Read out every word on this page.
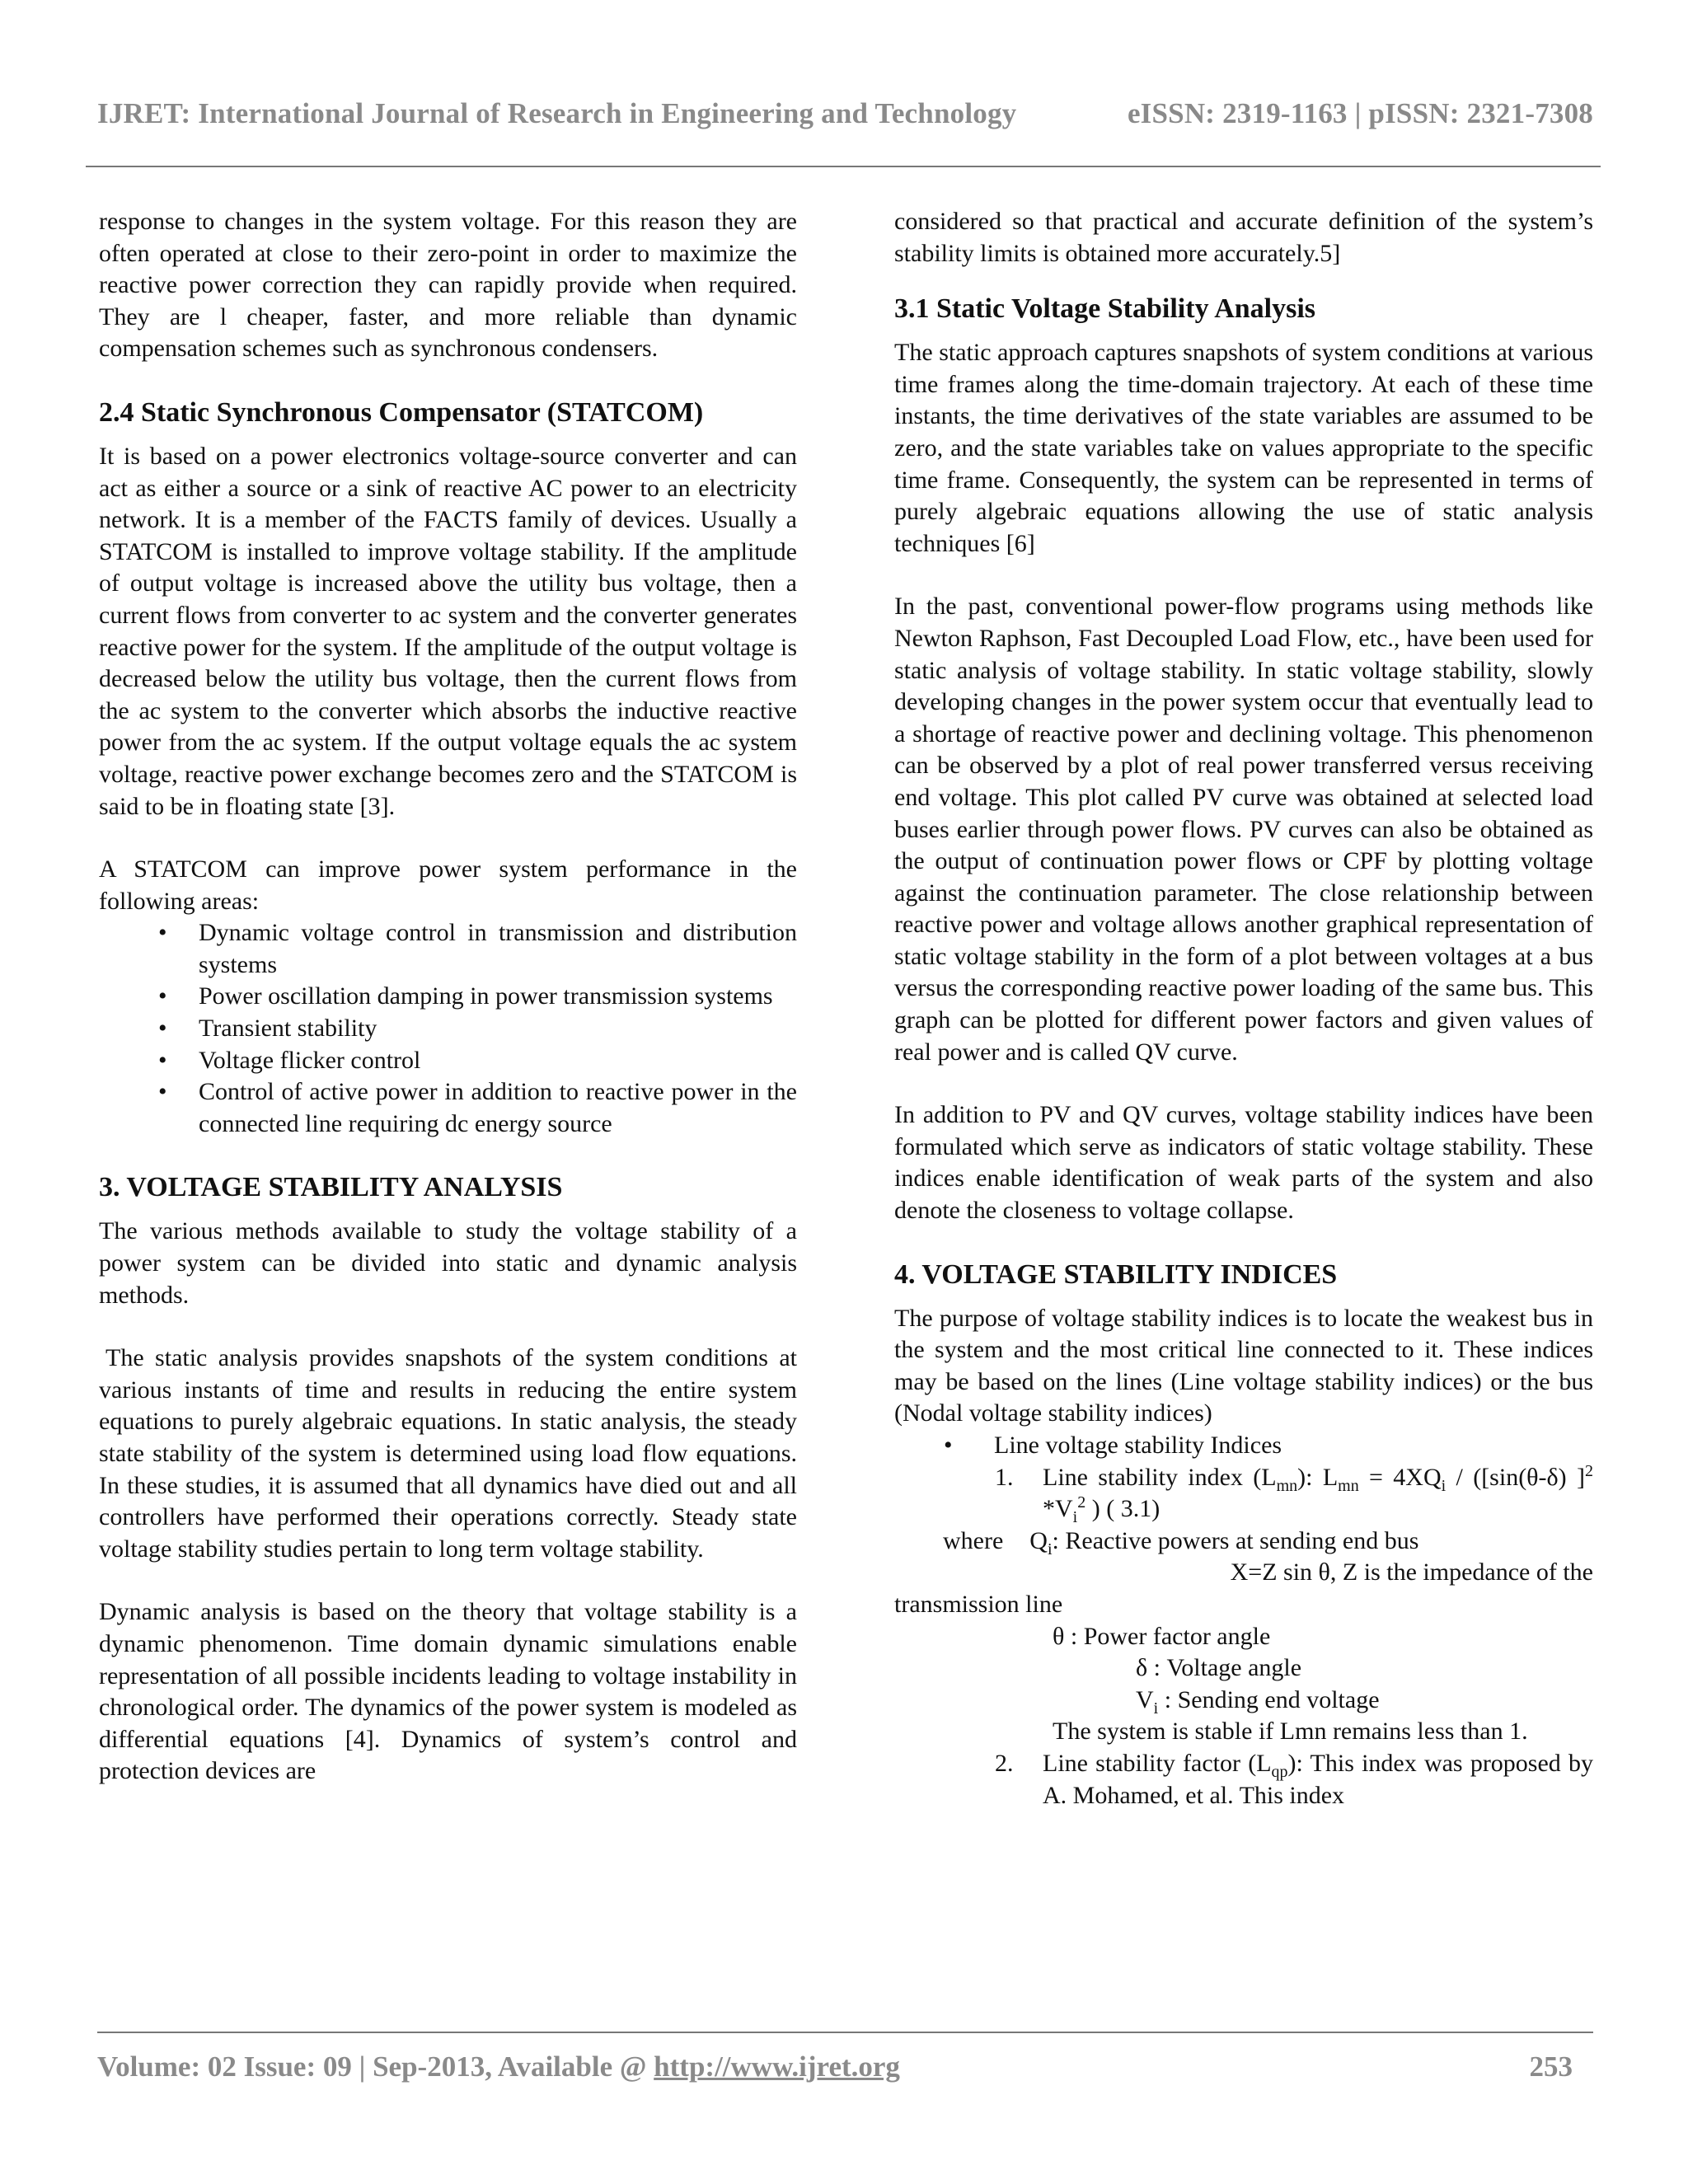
IJRET: International Journal of Research in Engineering and Technology	eISSN: 2319-1163 | pISSN: 2321-7308

response to changes in the system voltage. For this reason they are often operated at close to their zero-point in order to maximize the reactive power correction they can rapidly provide when required. They are l cheaper, faster, and more reliable than dynamic compensation schemes such as synchronous condensers.

2.4 Static Synchronous Compensator (STATCOM)

It is based on a power electronics voltage-source converter and can act as either a source or a sink of reactive AC power to an electricity network. It is a member of the FACTS family of devices. Usually a STATCOM is installed to improve voltage stability. If the amplitude of output voltage is increased above the utility bus voltage, then a current flows from converter to ac system and the converter generates reactive power for the system. If the amplitude of the output voltage is decreased below the utility bus voltage, then the current flows from the ac system to the converter which absorbs the inductive reactive power from the ac system. If the output voltage equals the ac system voltage, reactive power exchange becomes zero and the STATCOM is said to be in floating state [3].

A STATCOM can improve power system performance in the following areas:

• Dynamic voltage control in transmission and distribution systems
• Power oscillation damping in power transmission systems
• Transient stability
• Voltage flicker control
• Control of active power in addition to reactive power in the connected line requiring dc energy source
3. VOLTAGE STABILITY ANALYSIS

The various methods available to study the voltage stability of a power system can be divided into static and dynamic analysis methods.

The static analysis provides snapshots of the system conditions at various instants of time and results in reducing the entire system equations to purely algebraic equations. In static analysis, the steady state stability of the system is determined using load flow equations. In these studies, it is assumed that all dynamics have died out and all controllers have performed their operations correctly. Steady state voltage stability studies pertain to long term voltage stability.

Dynamic analysis is based on the theory that voltage stability is a dynamic phenomenon. Time domain dynamic simulations enable representation of all possible incidents leading to voltage instability in chronological order. The dynamics of the power system is modeled as differential equations [4]. Dynamics of system’s control and protection devices are

considered so that practical and accurate definition of the system’s stability limits is obtained more accurately.5]

3.1 Static Voltage Stability Analysis

The static approach captures snapshots of system conditions at various time frames along the time-domain trajectory. At each of these time instants, the time derivatives of the state variables are assumed to be zero, and the state variables take on values appropriate to the specific time frame. Consequently, the system can be represented in terms of purely algebraic equations allowing the use of static analysis techniques [6]

In the past, conventional power-flow programs using methods like Newton Raphson, Fast Decoupled Load Flow, etc., have been used for static analysis of voltage stability. In static voltage stability, slowly developing changes in the power system occur that eventually lead to a shortage of reactive power and declining voltage. This phenomenon can be observed by a plot of real power transferred versus receiving end voltage. This plot called PV curve was obtained at selected load buses earlier through power flows. PV curves can also be obtained as the output of continuation power flows or CPF by plotting voltage against the continuation parameter. The close relationship between reactive power and voltage allows another graphical representation of static voltage stability in the form of a plot between voltages at a bus versus the corresponding reactive power loading of the same bus. This graph can be plotted for different power factors and given values of real power and is called QV curve.

In addition to PV and QV curves, voltage stability indices have been formulated which serve as indicators of static voltage stability. These indices enable identification of weak parts of the system and also denote the closeness to voltage collapse.

4. VOLTAGE STABILITY INDICES

The purpose of voltage stability indices is to locate the weakest bus in the system and the most critical line connected to it. These indices may be based on the lines (Line voltage stability indices) or the bus (Nodal voltage stability indices)

• Line voltage stability Indices
1. Line stability index $(L_{mn})$: $L_{mn} = 4XQ_i / ([\sin(\theta-\delta)$ ]$^2$ $*V_i^2$ ) ( 3.1)
where $Q_i$: Reactive powers at sending end bus
X=Z sin θ, Z is the impedance of the
transmission line
θ : Power factor angle
δ : Voltage angle
$V_i$ : Sending end voltage
The system is stable if Lmn remains less than 1.
2. Line stability factor $(L_{qp})$: This index was proposed by A. Mohamed, et al. This index
Volume: 02 Issue: 09 | Sep-2013, Available @ http://www.ijret.org	253
